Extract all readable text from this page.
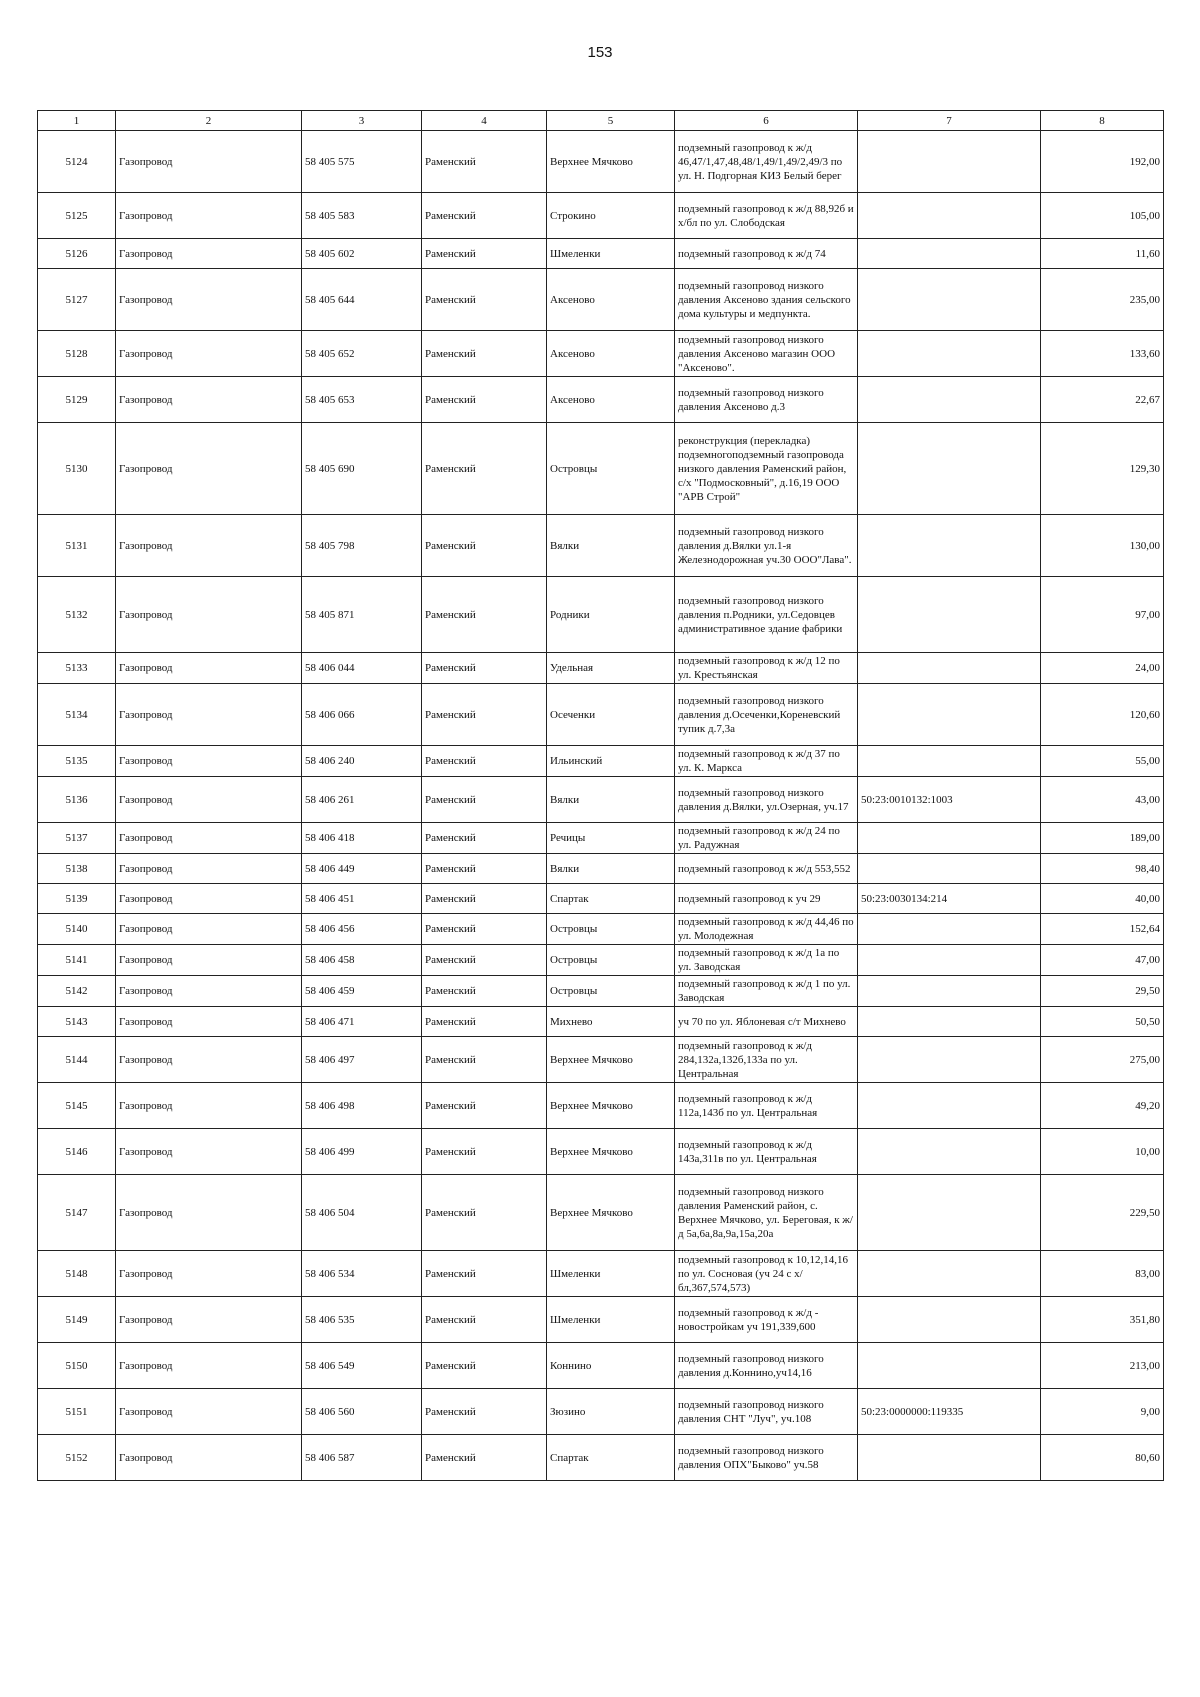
153
1	2	3	4	5	6	7	8
5124	Газопровод	58 405 575	Раменский	Верхнее Мячково	подземный газопровод к ж/д 46,47/1,47,48,48/1,49/1,49/2,49/3 по ул. Н. Подгорная КИЗ Белый берег		192,00
5125	Газопровод	58 405 583	Раменский	Строкино	подземный газопровод к ж/д 88,92б и х/бл по ул. Слободская		105,00
5126	Газопровод	58 405 602	Раменский	Шмеленки	подземный газопровод к ж/д 74		11,60
5127	Газопровод	58 405 644	Раменский	Аксеново	подземный газопровод низкого давления Аксеново здания сельского дома культуры и медпункта.		235,00
5128	Газопровод	58 405 652	Раменский	Аксеново	подземный газопровод низкого давления Аксеново магазин ООО "Аксеново".		133,60
5129	Газопровод	58 405 653	Раменский	Аксеново	подземный газопровод низкого давления Аксеново д.3		22,67
5130	Газопровод	58 405 690	Раменский	Островцы	реконструкция (перекладка) подземногоподземный газопровода низкого давления Раменский район, с/х "Подмосковный", д.16,19 ООО "АРВ Строй"		129,30
5131	Газопровод	58 405 798	Раменский	Вялки	подземный газопровод низкого давления д.Вялки ул.1-я Железнодорожная уч.30 ООО"Лава".		130,00
5132	Газопровод	58 405 871	Раменский	Родники	подземный газопровод низкого давления п.Родники, ул.Седовцев административное здание фабрики		97,00
5133	Газопровод	58 406 044	Раменский	Удельная	подземный газопровод к ж/д 12 по ул. Крестьянская		24,00
5134	Газопровод	58 406 066	Раменский	Осеченки	подземный газопровод низкого давления д.Осеченки,Кореневский тупик д.7,3а		120,60
5135	Газопровод	58 406 240	Раменский	Ильинский	подземный газопровод к ж/д 37 по ул. К. Маркса		55,00
5136	Газопровод	58 406 261	Раменский	Вялки	подземный газопровод низкого давления д.Вялки, ул.Озерная, уч.17	50:23:0010132:1003	43,00
5137	Газопровод	58 406 418	Раменский	Речицы	подземный газопровод к ж/д 24 по ул. Радужная		189,00
5138	Газопровод	58 406 449	Раменский	Вялки	подземный газопровод к ж/д 553,552		98,40
5139	Газопровод	58 406 451	Раменский	Спартак	подземный газопровод к уч 29	50:23:0030134:214	40,00
5140	Газопровод	58 406 456	Раменский	Островцы	подземный газопровод к ж/д 44,46 по ул. Молодежная		152,64
5141	Газопровод	58 406 458	Раменский	Островцы	подземный газопровод к ж/д 1а по ул. Заводская		47,00
5142	Газопровод	58 406 459	Раменский	Островцы	подземный газопровод к ж/д 1 по ул. Заводская		29,50
5143	Газопровод	58 406 471	Раменский	Михнево	уч 70 по ул. Яблоневая с/т Михнево		50,50
5144	Газопровод	58 406 497	Раменский	Верхнее Мячково	подземный газопровод к ж/д 284,132а,132б,133а по ул. Центральная		275,00
5145	Газопровод	58 406 498	Раменский	Верхнее Мячково	подземный газопровод к ж/д 112а,143б по ул. Центральная		49,20
5146	Газопровод	58 406 499	Раменский	Верхнее Мячково	подземный газопровод к ж/д 143а,311в по ул. Центральная		10,00
5147	Газопровод	58 406 504	Раменский	Верхнее Мячково	подземный газопровод низкого давления Раменский район, с. Верхнее Мячково, ул. Береговая, к ж/д 5а,6а,8а,9а,15а,20а		229,50
5148	Газопровод	58 406 534	Раменский	Шмеленки	подземный газопровод к 10,12,14,16 по ул. Сосновая (уч 24 с х/бл,367,574,573)		83,00
5149	Газопровод	58 406 535	Раменский	Шмеленки	подземный газопровод к ж/д - новостройкам уч 191,339,600		351,80
5150	Газопровод	58 406 549	Раменский	Коннино	подземный газопровод низкого давления д.Коннино,уч14,16		213,00
5151	Газопровод	58 406 560	Раменский	Зюзино	подземный газопровод низкого давления СНТ "Луч", уч.108	50:23:0000000:119335	9,00
5152	Газопровод	58 406 587	Раменский	Спартак	подземный газопровод низкого давления ОПХ"Быково" уч.58		80,60
